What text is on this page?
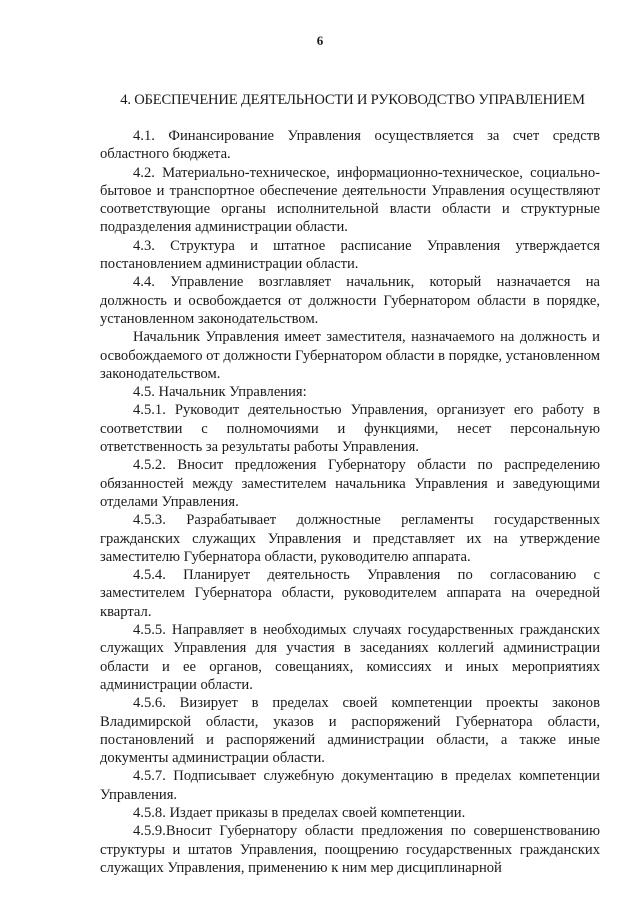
6
4. ОБЕСПЕЧЕНИЕ ДЕЯТЕЛЬНОСТИ И РУКОВОДСТВО УПРАВЛЕНИЕМ

4.1. Финансирование Управления осуществляется за счет средств областного бюджета.

4.2. Материально-техническое, информационно-техническое, социально-бытовое и транспортное обеспечение деятельности Управления осуществляют соответствующие органы исполнительной власти области и структурные подразделения администрации области.

4.3. Структура и штатное расписание Управления утверждается постановлением администрации области.

4.4. Управление возглавляет начальник, который назначается на должность и освобождается от должности Губернатором области в порядке, установленном законодательством.

Начальник Управления имеет заместителя, назначаемого на должность и освобождаемого от должности Губернатором области в порядке, установленном законодательством.

4.5. Начальник Управления:

4.5.1. Руководит деятельностью Управления, организует его работу в соответствии с полномочиями и функциями, несет персональную ответственность за результаты работы Управления.

4.5.2. Вносит предложения Губернатору области по распределению обязанностей между заместителем начальника Управления и заведующими отделами Управления.

4.5.3. Разрабатывает должностные регламенты государственных гражданских служащих Управления и представляет их на утверждение заместителю Губернатора области, руководителю аппарата.

4.5.4. Планирует деятельность Управления по согласованию с заместителем Губернатора области, руководителем аппарата на очередной квартал.

4.5.5. Направляет в необходимых случаях государственных гражданских служащих Управления для участия в заседаниях коллегий администрации области и ее органов, совещаниях, комиссиях и иных мероприятиях администрации области.

4.5.6. Визирует в пределах своей компетенции проекты законов Владимирской области, указов и распоряжений Губернатора области, постановлений и распоряжений администрации области, а также иные документы администрации области.

4.5.7. Подписывает служебную документацию в пределах компетенции Управления.

4.5.8. Издает приказы в пределах своей компетенции.

4.5.9.Вносит Губернатору области предложения по совершенствованию структуры и штатов Управления, поощрению государственных гражданских служащих Управления, применению к ним мер дисциплинарной
